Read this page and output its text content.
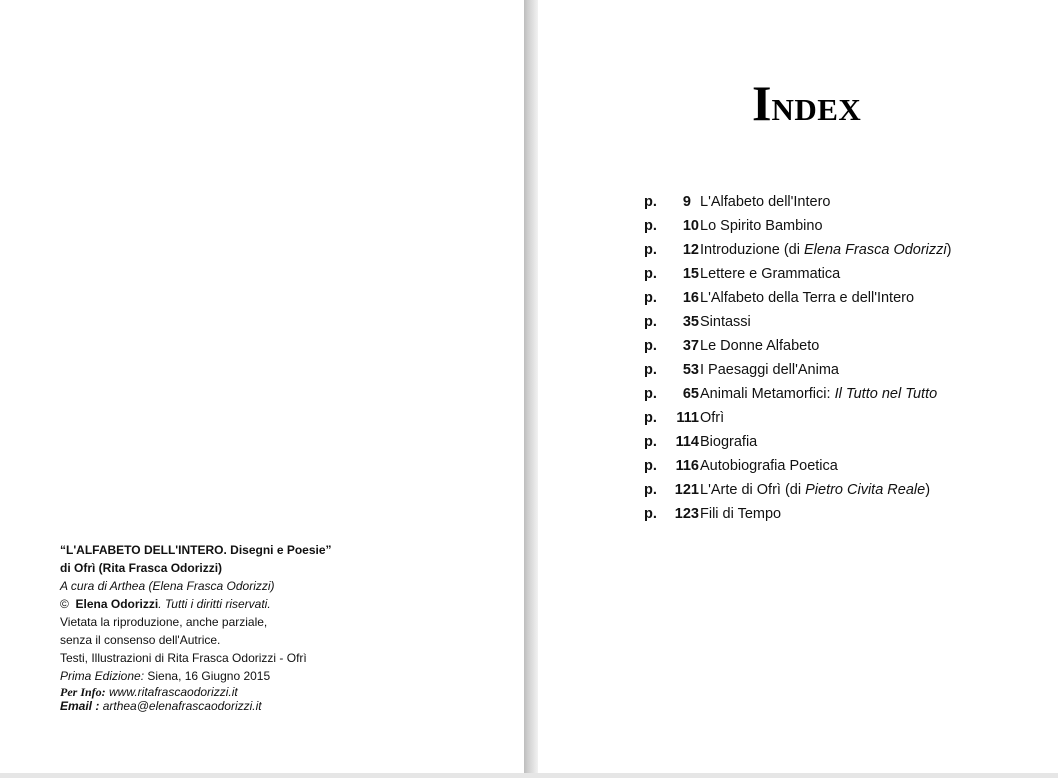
“L'ALFABETO DELL'INTERO. Disegni e Poesie”
di Ofrì (Rita Frasca Odorizzi)
A cura di Arthea (Elena Frasca Odorizzi)
© Elena Odorizzi. Tutti i diritti riservati.
Vietata la riproduzione, anche parziale,
senza il consenso dell'Autrice.
Testi, Illustrazioni di Rita Frasca Odorizzi - Ofrì
Prima Edizione: Siena, 16 Giugno 2015
Per Info: www.ritafrascaodorizzi.it
Email : arthea@elenafrascaodorizzi.it
INDEX
p. 9 L'Alfabeto dell'Intero
p. 10 Lo Spirito Bambino
p. 12 Introduzione (di Elena Frasca Odorizzi)
p. 15 Lettere e Grammatica
p. 16 L'Alfabeto della Terra e dell'Intero
p. 35 Sintassi
p. 37 Le Donne Alfabeto
p. 53 I Paesaggi dell'Anima
p. 65 Animali Metamorfici: Il Tutto nel Tutto
p. 111 Ofrì
p. 114 Biografia
p. 116 Autobiografia Poetica
p. 121 L'Arte di Ofrì (di Pietro Civita Reale)
p. 123 Fili di Tempo
